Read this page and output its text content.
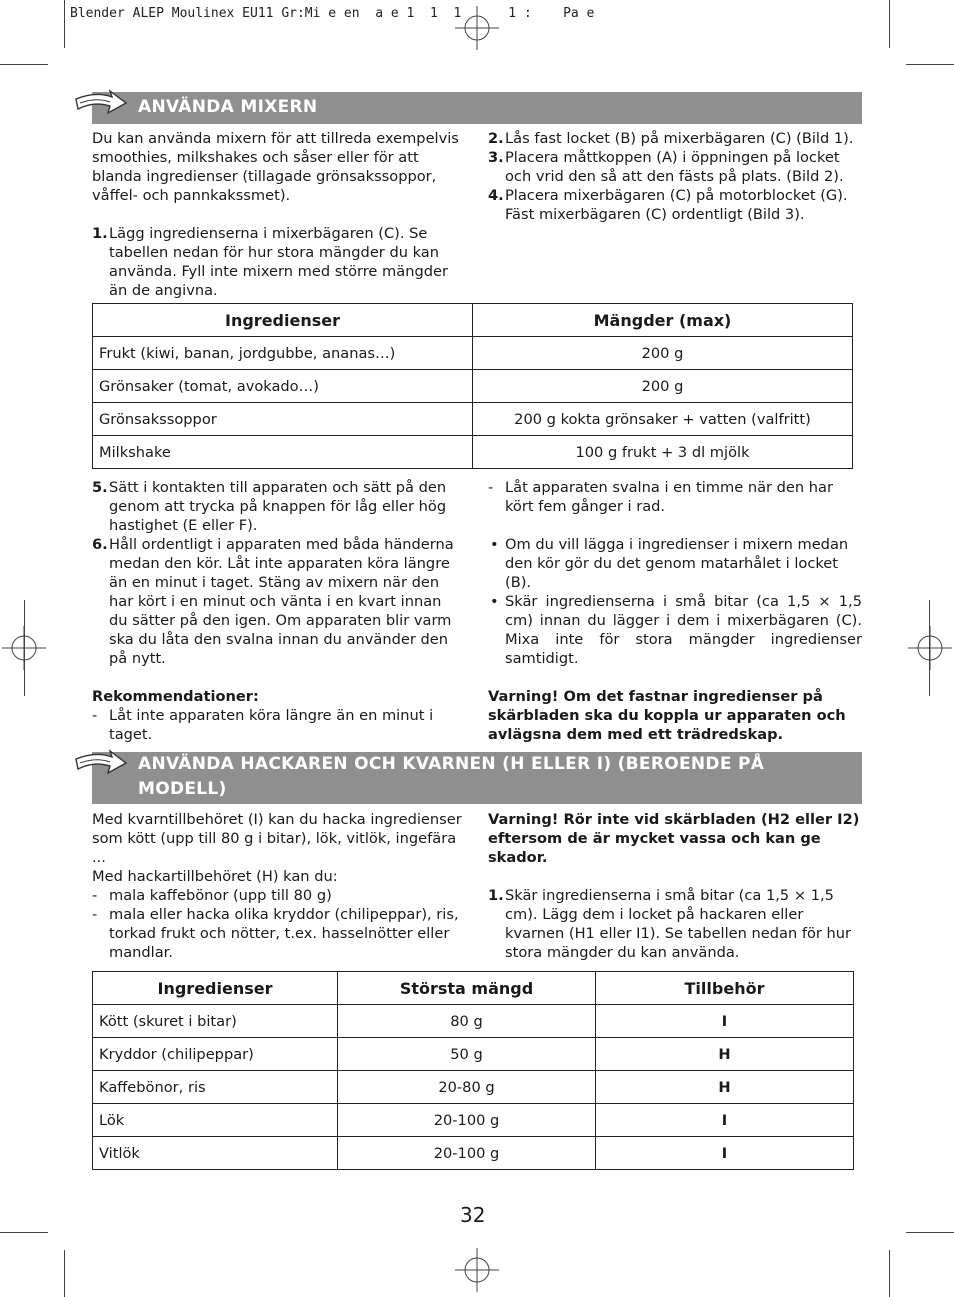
Blender ALEP Moulinex EU11 Gr:Mi e en  a e 1  1  1      1 :    Pa e
ANVÄNDA MIXERN

Du kan använda mixern för att tillreda exempelvis smoothies, milkshakes och såser eller för att blanda ingredienser (tillagade grönsakssoppor, våffel- och pannkakssmet).

1. Lägg ingredienserna i mixerbägaren (C). Se tabellen nedan för hur stora mängder du kan använda. Fyll inte mixern med större mängder än de angivna.

2. Lås fast locket (B) på mixerbägaren (C) (Bild 1).

3. Placera måttkoppen (A) i öppningen på locket och vrid den så att den fästs på plats. (Bild 2).

4. Placera mixerbägaren (C) på motorblocket (G). Fäst mixerbägaren (C) ordentligt (Bild 3).

Ingredienser	Mängder (max)
Frukt (kiwi, banan, jordgubbe, ananas…)	200 g
Grönsaker (tomat, avokado…)	200 g
Grönsakssoppor	200 g kokta grönsaker + vatten (valfritt)
Milkshake	100 g frukt + 3 dl mjölk

5. Sätt i kontakten till apparaten och sätt på den genom att trycka på knappen för låg eller hög hastighet (E eller F).

6. Håll ordentligt i apparaten med båda händerna medan den kör. Låt inte apparaten köra längre än en minut i taget. Stäng av mixern när den har kört i en minut och vänta i en kvart innan du sätter på den igen. Om apparaten blir varm ska du låta den svalna innan du använder den på nytt.

Rekommendationer:

- Låt inte apparaten köra längre än en minut i taget.

- Låt apparaten svalna i en timme när den har kört fem gånger i rad.

• Om du vill lägga i ingredienser i mixern medan den kör gör du det genom matarhålet i locket (B).

• Skär ingredienserna i små bitar (ca 1,5 × 1,5 cm) innan du lägger i dem i mixerbägaren (C). Mixa inte för stora mängder ingredienser samtidigt.

Varning! Om det fastnar ingredienser på skärbladen ska du koppla ur apparaten och avlägsna dem med ett trädredskap.

ANVÄNDA HACKAREN OCH KVARNEN (H ELLER I) (BEROENDE PÅ
MODELL)

Med kvarntillbehöret (I) kan du hacka ingredienser som kött (upp till 80 g i bitar), lök, vitlök, ingefära ...

Med hackartillbehöret (H) kan du:

- mala kaffebönor (upp till 80 g)

- mala eller hacka olika kryddor (chilipeppar), ris, torkad frukt och nötter, t.ex. hasselnötter eller mandlar.

Varning! Rör inte vid skärbladen (H2 eller I2) eftersom de är mycket vassa och kan ge skador.

1. Skär ingredienserna i små bitar (ca 1,5 × 1,5 cm). Lägg dem i locket på hackaren eller kvarnen (H1 eller I1). Se tabellen nedan för hur stora mängder du kan använda.

Ingredienser	Största mängd	Tillbehör
Kött (skuret i bitar)	80 g	I
Kryddor (chilipeppar)	50 g	H
Kaffebönor, ris	20-80 g	H
Lök	20-100 g	I
Vitlök	20-100 g	I
32
